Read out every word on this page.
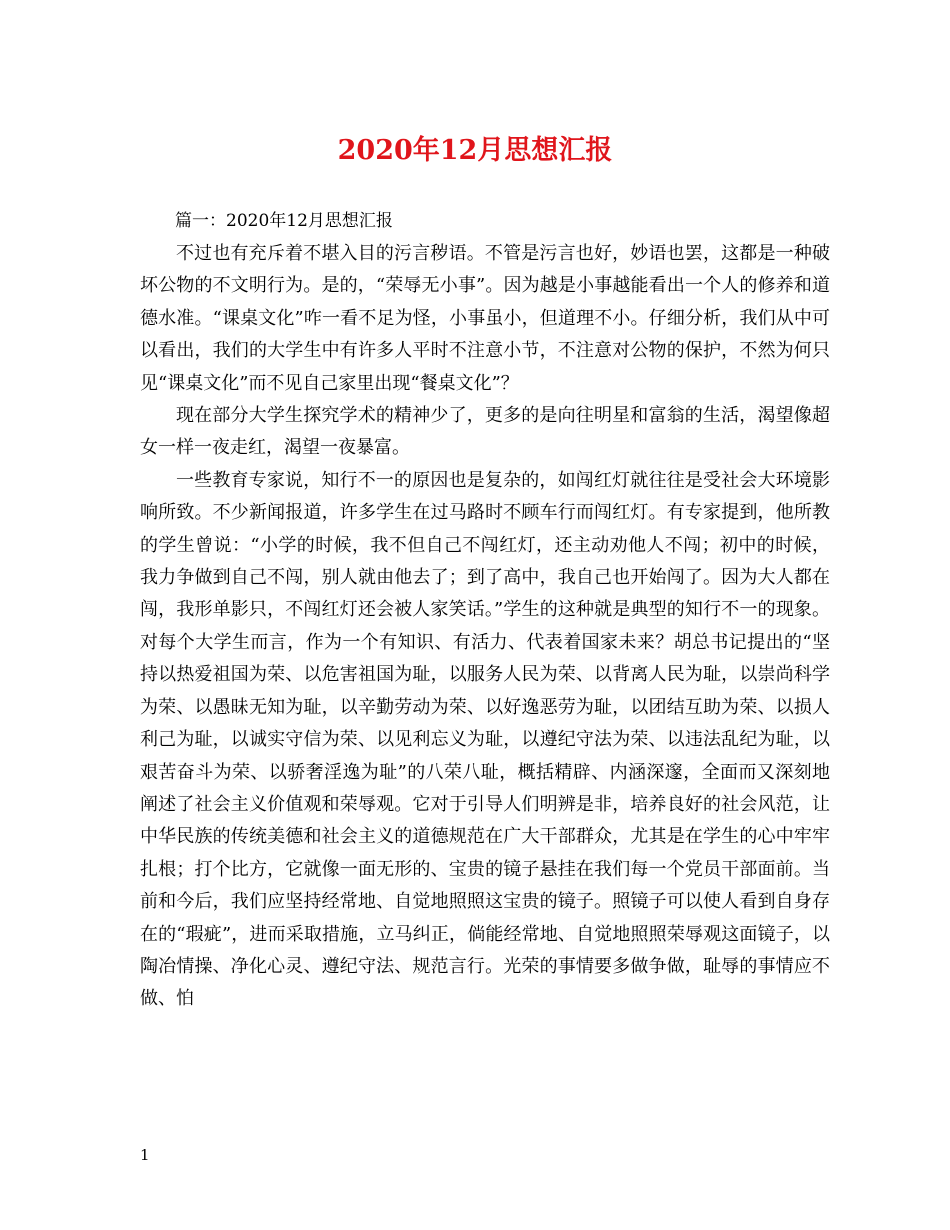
2020年12月思想汇报
篇一：2020年12月思想汇报

不过也有充斥着不堪入目的污言秽语。不管是污言也好，妙语也罢，这都是一种破坏公物的不文明行为。是的，“荣辱无小事”。因为越是小事越能看出一个人的修养和道德水准。“课桌文化”咋一看不足为怪，小事虽小，但道理不小。仔细分析，我们从中可以看出，我们的大学生中有许多人平时不注意小节，不注意对公物的保护，不然为何只见“课桌文化”而不见自己家里出现“餐桌文化”？

现在部分大学生探究学术的精神少了，更多的是向往明星和富翁的生活，渴望像超女一样一夜走红，渴望一夜暴富。

一些教育专家说，知行不一的原因也是复杂的，如闯红灯就往往是受社会大环境影响所致。不少新闻报道，许多学生在过马路时不顾车行而闯红灯。有专家提到，他所教的学生曾说：“小学的时候，我不但自己不闯红灯，还主动劝他人不闯；初中的时候，我力争做到自己不闯，别人就由他去了；到了高中，我自己也开始闯了。因为大人都在闯，我形单影只，不闯红灯还会被人家笑话。”学生的这种就是典型的知行不一的现象。对每个大学生而言，作为一个有知识、有活力、代表着国家未来？胡总书记提出的“坚持以热爱祖国为荣、以危害祖国为耻，以服务人民为荣、以背离人民为耻，以崇尚科学为荣、以愚昧无知为耻，以辛勤劳动为荣、以好逸恶劳为耻，以团结互助为荣、以损人利己为耻，以诚实守信为荣、以见利忘义为耻，以遵纪守法为荣、以违法乱纪为耻，以艰苦奋斗为荣、以骄奢淫逸为耻”的八荣八耻，概括精辟、内涵深邃，全面而又深刻地阐述了社会主义价值观和荣辱观。它对于引导人们明辨是非，培养良好的社会风范，让中华民族的传统美德和社会主义的道德规范在广大干部群众，尤其是在学生的心中牢牢扎根；打个比方，它就像一面无形的、宝贵的镜子悬挂在我们每一个党员干部面前。当前和今后，我们应坚持经常地、自觉地照照这宝贵的镜子。照镜子可以使人看到自身存在的“瑕疵”，进而采取措施，立马纠正，倘能经常地、自觉地照照荣辱观这面镜子，以陶冶情操、净化心灵、遵纪守法、规范言行。光荣的事情要多做争做，耻辱的事情应不做、怕

1
